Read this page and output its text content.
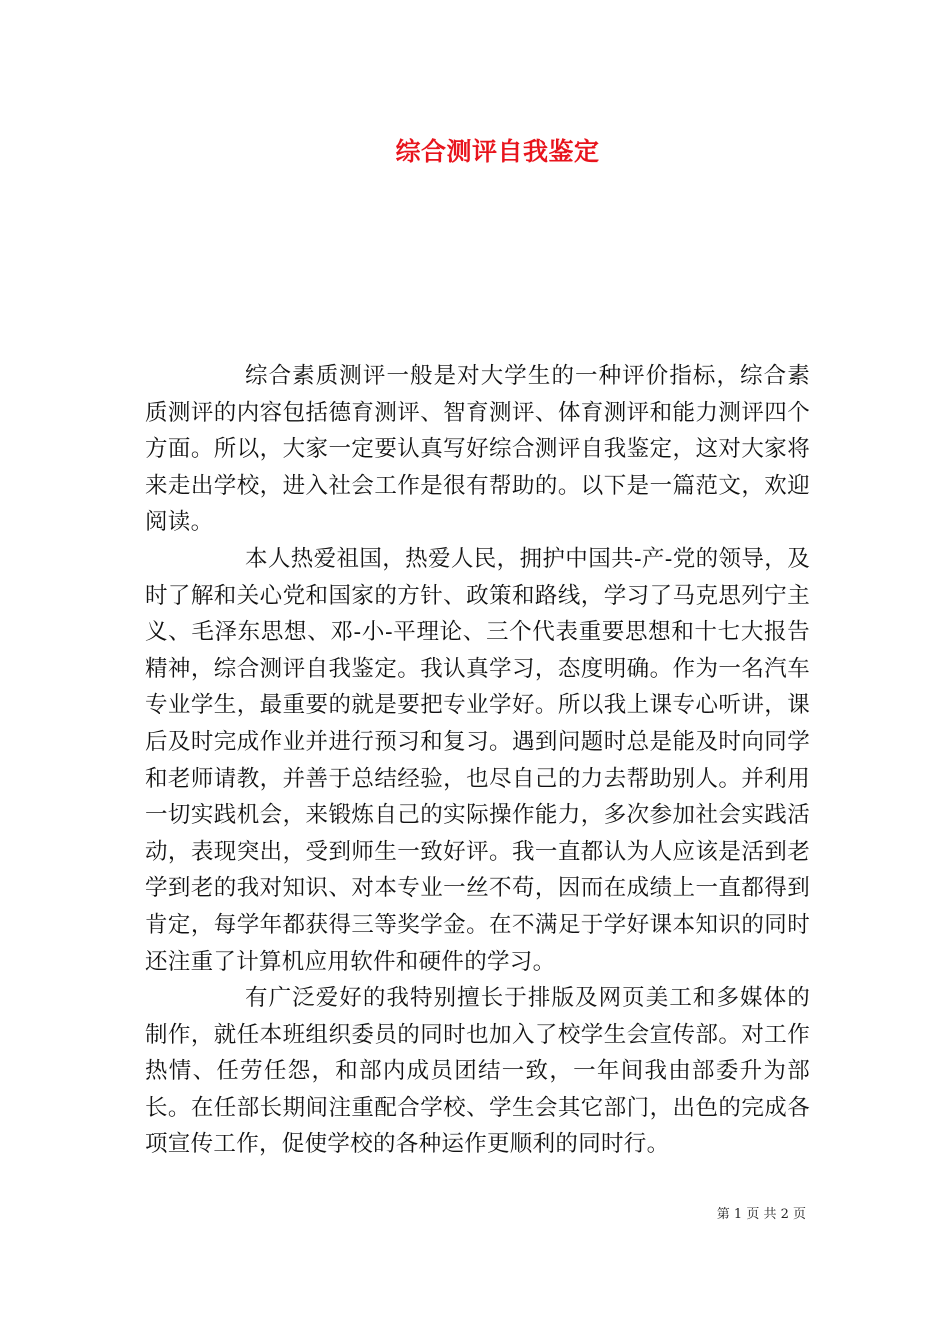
综合测评自我鉴定

综合素质测评一般是对大学生的一种评价指标，综合素质测评的内容包括德育测评、智育测评、体育测评和能力测评四个方面。所以，大家一定要认真写好综合测评自我鉴定，这对大家将来走出学校，进入社会工作是很有帮助的。以下是一篇范文，欢迎阅读。

本人热爱祖国，热爱人民，拥护中国共-产-党的领导，及时了解和关心党和国家的方针、政策和路线，学习了马克思列宁主义、毛泽东思想、邓-小-平理论、三个代表重要思想和十七大报告精神，综合测评自我鉴定。我认真学习，态度明确。作为一名汽车专业学生，最重要的就是要把专业学好。所以我上课专心听讲，课后及时完成作业并进行预习和复习。遇到问题时总是能及时向同学和老师请教，并善于总结经验，也尽自己的力去帮助别人。并利用一切实践机会，来锻炼自己的实际操作能力，多次参加社会实践活动，表现突出，受到师生一致好评。我一直都认为人应该是活到老学到老的我对知识、对本专业一丝不苟，因而在成绩上一直都得到肯定，每学年都获得三等奖学金。在不满足于学好课本知识的同时还注重了计算机应用软件和硬件的学习。

有广泛爱好的我特别擅长于排版及网页美工和多媒体的制作，就任本班组织委员的同时也加入了校学生会宣传部。对工作热情、任劳任怨，和部内成员团结一致，一年间我由部委升为部长。在任部长期间注重配合学校、学生会其它部门，出色的完成各项宣传工作，促使学校的各种运作更顺利的同时行。

第 1 页 共 2 页
